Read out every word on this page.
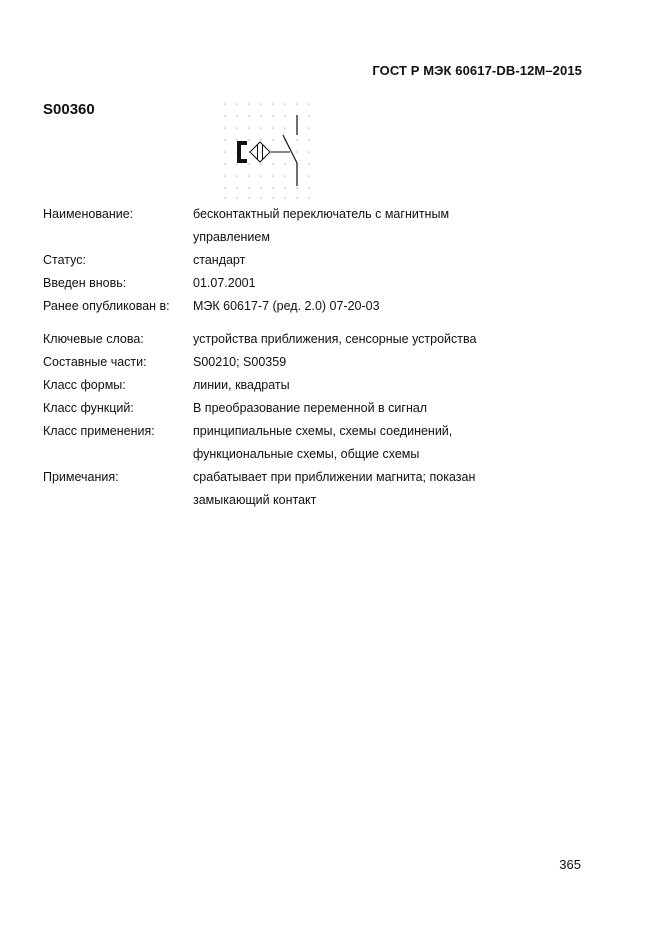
ГОСТ Р МЭК 60617-DB-12M–2015
S00360
Наименование:	бесконтактный переключатель с магнитным
управлением
Статус:	стандарт
Введен вновь:	01.07.2001
Ранее опубликован в:	МЭК 60617-7 (ред. 2.0) 07-20-03
Ключевые слова:	устройства приближения, сенсорные устройства
Составные части:	S00210; S00359
Класс формы:	линии, квадраты
Класс функций:	В преобразование переменной в сигнал
Класс применения:	принципиальные схемы, схемы соединений,
функциональные схемы, общие схемы
Примечания:	срабатывает при приближении магнита; показан
замыкающий контакт
365
